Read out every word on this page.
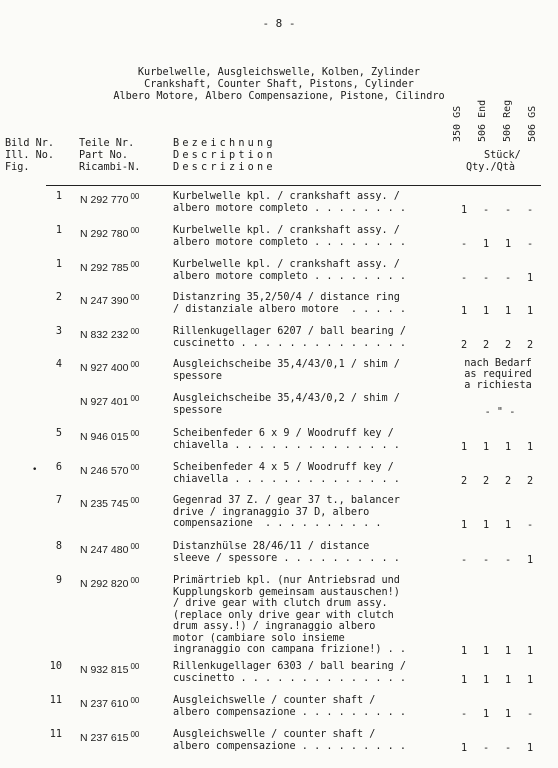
- 8 -
Kurbelwelle, Ausgleichswelle, Kolben, Zylinder
Crankshaft, Counter Shaft, Pistons, Cylinder
Albero Motore, Albero Compensazione, Pistone, Cilindro
Bild Nr.
Ill. No.
Fig.
Teile Nr.
Part No.
Ricambi-N.
Bezeichnung
Description
Descrizione
350 GS 506 End 506 Reg 506 GS
Stück/
Qty./Qtà
1 N 292 770 $^{00}$	Kurbelwelle kpl. / crankshaft assy. /
albero motore completo . . . . . . . .	1 - - -
1 N 292 780 $^{00}$	Kurbelwelle kpl. / crankshaft assy. /
albero motore completo . . . . . . . .	- 1 1 -
1 N 292 785 $^{00}$	Kurbelwelle kpl. / crankshaft assy. /
albero motore completo . . . . . . . .	- - - 1
2 N 247 390 $^{00}$	Distanzring 35,2/50/4 / distance ring
/ distanziale albero motore  . . . . .	1 1 1 1
3 N 832 232 $^{00}$	Rillenkugellager 6207 / ball bearing /
cuscinetto . . . . . . . . . . . . . .	2 2 2 2
4 N 927 400 $^{00}$	Ausgleichscheibe 35,4/43/0,1 / shim /
spessore
nach Bedarf
as required
a richiesta
N 927 401 $^{00}$	Ausgleichscheibe 35,4/43/0,2 / shim /
spessore	- " -
5 N 946 015 $^{00}$	Scheibenfeder 6 x 9 / Woodruff key /
chiavella . . . . . . . . . . . . . .	1 1 1 1
6 N 246 570 $^{00}$	Scheibenfeder 4 x 5 / Woodruff key /
chiavella . . . . . . . . . . . . . .	2 2 2 2
7 N 235 745 $^{00}$	Gegenrad 37 Z. / gear 37 t., balancer
drive / ingranaggio 37 D, albero
compensazione  . . . . . . . . . .	1 1 1 -
8 N 247 480 $^{00}$	Distanzhülse 28/46/11 / distance
sleeve / spessore . . . . . . . . . .	- - - 1
9 N 292 820 $^{00}$	Primärtrieb kpl. (nur Antriebsrad und
Kupplungskorb gemeinsam austauschen!)
/ drive gear with clutch drum assy.
(replace only drive gear with clutch
drum assy.!) / ingranaggio albero
motor (cambiare solo insieme
ingranaggio con campana frizione!) . .	1 1 1 1
10 N 932 815 $^{00}$	Rillenkugellager 6303 / ball bearing /
cuscinetto . . . . . . . . . . . . . .	1 1 1 1
11 N 237 610 $^{00}$	Ausgleichswelle / counter shaft /
albero compensazione . . . . . . . . .	- 1 1 -
11 N 237 615 $^{00}$	Ausgleichswelle / counter shaft /
albero compensazione . . . . . . . . .	1 - - 1
•
